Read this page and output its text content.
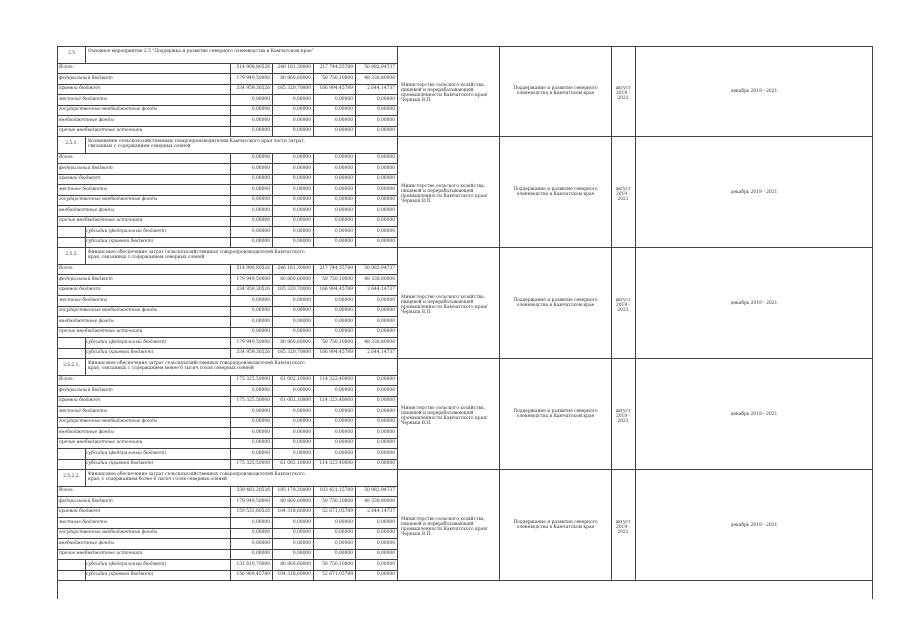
2.5	Основное мероприятие 2.5 "Поддержка и развитие северного оленеводства в Камчатском крае"
Всего:	514 908,80526	246 181,30000	217 744,55789	50 982,94737
федеральный бюджет	179 949,50000	80 860,60000	50 750,10000	48 338,80000
краевой бюджет	334 959,30526	165 320,70000	166 994,45789	2 644,14737
местные бюджеты	0,00000	0,00000	0,00000	0,00000
государственные внебюджетные фонды	0,00000	0,00000	0,00000	0,00000
внебюджетные фонды	0,00000	0,00000	0,00000	0,00000
прочие внебюджетные источники	0,00000	0,00000	0,00000	0,00000
Министерство сельского хозяйства, пищевой и перерабатывающей промышленности Камчатского края/Черныш В.П.
Поддержание и развитие северного оленеводства в Камчатском крае
август 2019 - 2021
декабрь 2019 - 2021
2.5.1.	Возмещение сельскохозяйственным товаропроизводителям Камчатского края части затрат, связанных с содержанием северных оленей
Всего:	0,00000	0,00000	0,00000	0,00000
федеральный бюджет	0,00000	0,00000	0,00000	0,00000
краевой бюджет	0,00000	0,00000	0,00000	0,00000
местные бюджеты	0,00000	0,00000	0,00000	0,00000
государственные внебюджетные фонды	0,00000	0,00000	0,00000	0,00000
внебюджетные фонды	0,00000	0,00000	0,00000	0,00000
прочие внебюджетные источники	0,00000	0,00000	0,00000	0,00000
субсидии (федеральный бюджет)	0,00000	0,00000	0,00000	0,00000
субсидии (краевой бюджет)	0,00000	0,00000	0,00000	0,00000
Министерство сельского хозяйства, пищевой и перерабатывающей промышленности Камчатского края/Черныш В.П.
Поддержание и развитие северного оленеводства в Камчатском крае
август 2019 - 2021
декабрь 2019 - 2021
2.5.2.	Финансовое обеспечение затрат сельскохозяйственных товаропроизводителей Камчатского края, связанных с содержанием северных оленей
Всего:	514 908,80526	246 181,30000	217 744,55789	50 982,94737
федеральный бюджет	179 949,50000	80 860,60000	50 750,10000	48 338,80000
краевой бюджет	334 959,30526	165 320,70000	166 994,45789	2 644,14737
местные бюджеты	0,00000	0,00000	0,00000	0,00000
государственные внебюджетные фонды	0,00000	0,00000	0,00000	0,00000
внебюджетные фонды	0,00000	0,00000	0,00000	0,00000
прочие внебюджетные источники	0,00000	0,00000	0,00000	0,00000
субсидии (федеральный бюджет)	179 949,50000	80 860,60000	50 750,10000	48 338,80000
субсидии (краевой бюджет)	334 959,30526	165 320,70000	166 994,45789	2 644,14737
Министерство сельского хозяйства, пищевой и перерабатывающей промышленности Камчатского края/Черныш В.П.
Поддержание и развитие северного оленеводства в Камчатском крае
август 2019 - 2021
декабрь 2019 - 2021
2.5.2.1.	Финансовое обеспечение затрат сельскохозяйственных товаропроизводителей Камчатского края, связанных с содержанием менее 6 тысяч голов северных оленей
Всего:	175 325,50000	61 002,10000	114 323,40000	0,00000
федеральный бюджет	0,00000	0,00000	0,00000	0,00000
краевой бюджет	175 325,50000	61 002,10000	114 323,40000	0,00000
местные бюджеты	0,00000	0,00000	0,00000	0,00000
государственные внебюджетные фонды	0,00000	0,00000	0,00000	0,00000
внебюджетные фонды	0,00000	0,00000	0,00000	0,00000
прочие внебюджетные источники	0,00000	0,00000	0,00000	0,00000
субсидии (федеральный бюджет)	0,00000	0,00000	0,00000	0,00000
субсидии (краевой бюджет)	175 325,50000	61 002,10000	114 323,40000	0,00000
Министерство сельского хозяйства, пищевой и перерабатывающей промышленности Камчатского края/Черныш В.П.
Поддержание и развитие северного оленеводства в Камчатском крае
август 2019 - 2021
декабрь 2019 - 2021
2.5.2.2.	Финансовое обеспечение затрат сельскохозяйственных товаропроизводителей Камчатского края, с содержанием более 6 тысяч голов северных оленей
Всего:	339 483,20526	185 179,20000	103 421,15789	50 982,94737
федеральный бюджет	179 949,50000	80 860,60000	50 750,10000	48 338,80000
краевой бюджет	159 533,80526	104 318,60000	52 671,05789	2 644,14737
местные бюджеты	0,00000	0,00000	0,00000	0,00000
государственные внебюджетные фонды	0,00000	0,00000	0,00000	0,00000
внебюджетные фонды	0,00000	0,00000	0,00000	0,00000
прочие внебюджетные источники	0,00000	0,00000	0,00000	0,00000
субсидии (федеральный бюджет)	131 610,70000	80 860,60000	50 750,10000	0,00000
субсидии (краевой бюджет)	156 969,45789	104 318,60000	52 671,05789	0,00000
Министерство сельского хозяйства, пищевой и перерабатывающей промышленности Камчатского края/Черныш В.П.
Поддержание и развитие северного оленеводства в Камчатском крае
август 2019 - 2021
декабрь 2019 - 2021
